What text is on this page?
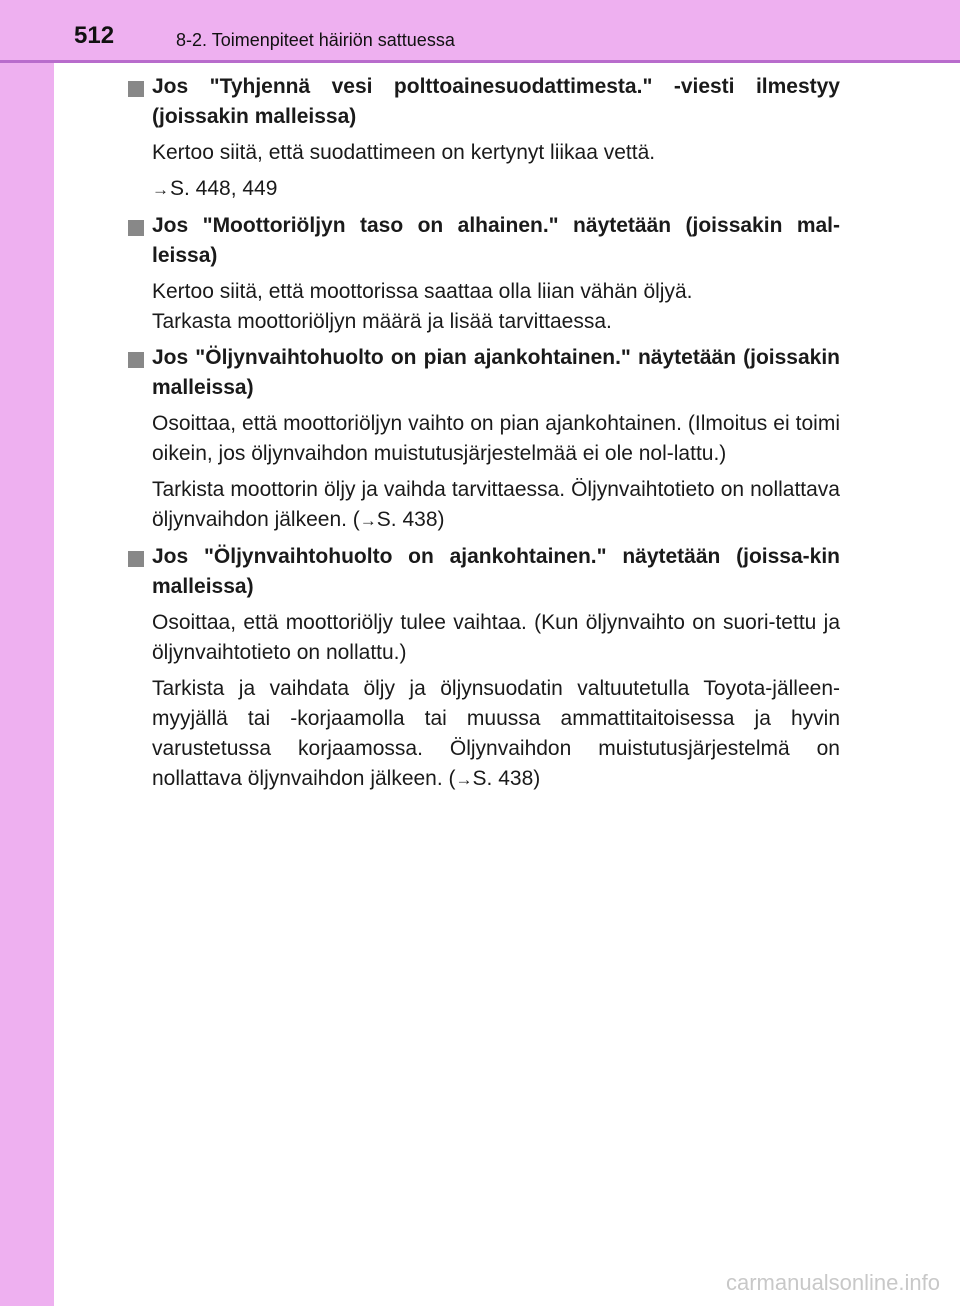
512	8-2. Toimenpiteet häiriön sattuessa

Jos "Tyhjennä vesi polttoainesuodattimesta." -viesti ilmestyy (joissakin malleissa)

Kertoo siitä, että suodattimeen on kertynyt liikaa vettä.

→S. 448, 449

Jos "Moottoriöljyn taso on alhainen." näytetään (joissakin mal-leissa)

Kertoo siitä, että moottorissa saattaa olla liian vähän öljyä.
Tarkasta moottoriöljyn määrä ja lisää tarvittaessa.

Jos "Öljynvaihtohuolto on pian ajankohtainen." näytetään (joissakin malleissa)

Osoittaa, että moottoriöljyn vaihto on pian ajankohtainen. (Ilmoitus ei toimi oikein, jos öljynvaihdon muistutusjärjestelmää ei ole nol-lattu.)

Tarkista moottorin öljy ja vaihda tarvittaessa. Öljynvaihtotieto on nollattava öljynvaihdon jälkeen. (→S. 438)

Jos "Öljynvaihtohuolto on ajankohtainen." näytetään (joissa-kin malleissa)

Osoittaa, että moottoriöljy tulee vaihtaa. (Kun öljynvaihto on suori-tettu ja öljynvaihtotieto on nollattu.)

Tarkista ja vaihdata öljy ja öljynsuodatin valtuutetulla Toyota-jälleen-myyjällä tai -korjaamolla tai muussa ammattitaitoisessa ja hyvin varustetussa korjaamossa. Öljynvaihdon muistutusjärjestelmä on nollattava öljynvaihdon jälkeen. (→S. 438)

carmanualsonline.info
